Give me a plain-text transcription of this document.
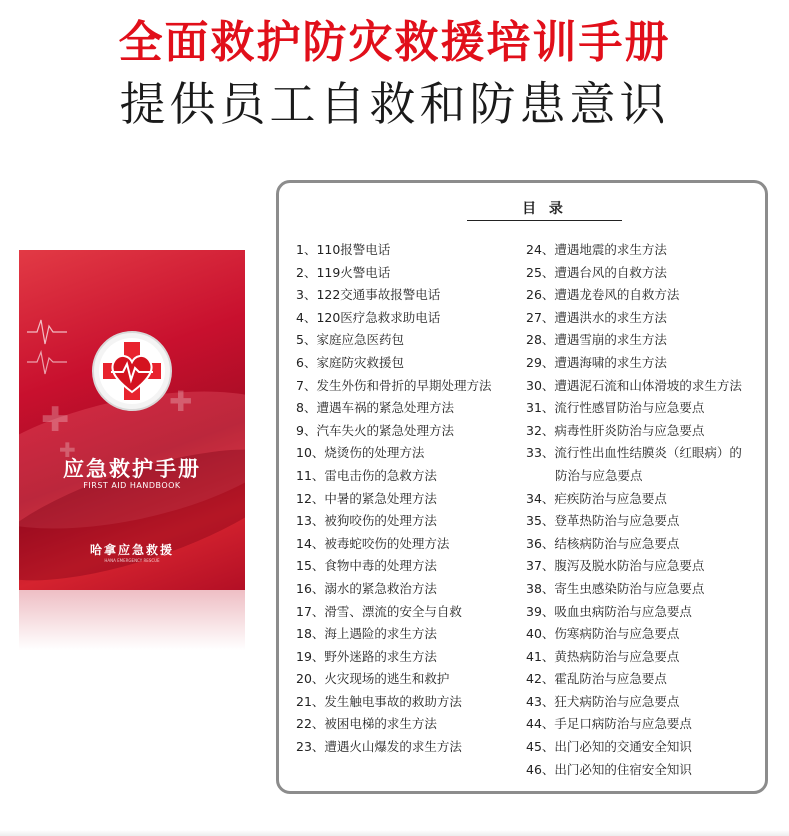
全面救护防灾救援培训手册
提供员工自救和防患意识
✚	✚
✚
应急救护手册
FIRST AID HANDBOOK
哈拿应急救援
HANA EMERGENCY RESCUE
目 录
1、110报警电话
2、119火警电话
3、122交通事故报警电话
4、120医疗急救求助电话
5、家庭应急医药包
6、家庭防灾救援包
7、发生外伤和骨折的早期处理方法
8、遭遇车祸的紧急处理方法
9、汽车失火的紧急处理方法
10、烧烫伤的处理方法
11、雷电击伤的急救方法
12、中暑的紧急处理方法
13、被狗咬伤的处理方法
14、被毒蛇咬伤的处理方法
15、食物中毒的处理方法
16、溺水的紧急救治方法
17、滑雪、漂流的安全与自救
18、海上遇险的求生方法
19、野外迷路的求生方法
20、火灾现场的逃生和救护
21、发生触电事故的救助方法
22、被困电梯的求生方法
23、遭遇火山爆发的求生方法
24、遭遇地震的求生方法
25、遭遇台风的自救方法
26、遭遇龙卷风的自救方法
27、遭遇洪水的求生方法
28、遭遇雪崩的求生方法
29、遭遇海啸的求生方法
30、遭遇泥石流和山体滑坡的求生方法
31、流行性感冒防治与应急要点
32、病毒性肝炎防治与应急要点
33、流行性出血性结膜炎（红眼病）的
防治与应急要点
34、疟疾防治与应急要点
35、登革热防治与应急要点
36、结核病防治与应急要点
37、腹泻及脱水防治与应急要点
38、寄生虫感染防治与应急要点
39、吸血虫病防治与应急要点
40、伤寒病防治与应急要点
41、黄热病防治与应急要点
42、霍乱防治与应急要点
43、狂犬病防治与应急要点
44、手足口病防治与应急要点
45、出门必知的交通安全知识
46、出门必知的住宿安全知识
